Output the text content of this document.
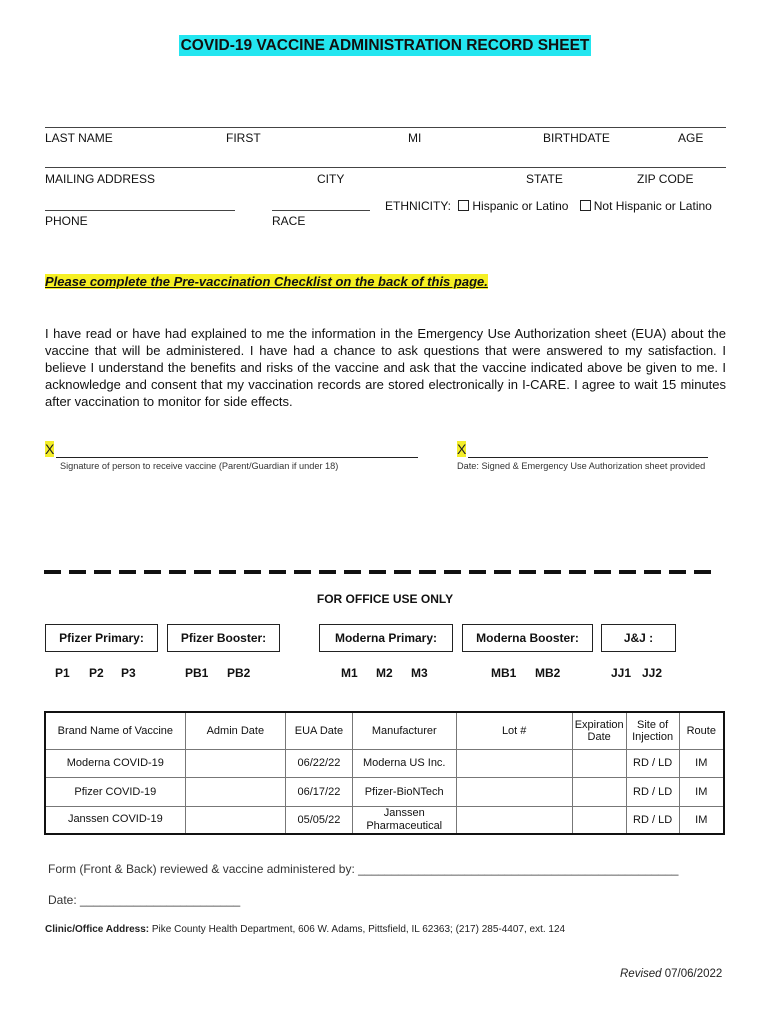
COVID-19 VACCINE ADMINISTRATION RECORD SHEET
LAST NAME	FIRST	MI	BIRTHDATE	AGE
MAILING ADDRESS	CITY	STATE	ZIP CODE
PHONE	RACE
ETHNICITY: Hispanic or Latino Not Hispanic or Latino
Please complete the Pre-vaccination Checklist on the back of this page.
I have read or have had explained to me the information in the Emergency Use Authorization sheet (EUA) about the vaccine that will be administered. I have had a chance to ask questions that were answered to my satisfaction. I believe I understand the benefits and risks of the vaccine and ask that the vaccine indicated above be given to me. I acknowledge and consent that my vaccination records are stored electronically in I-CARE. I agree to wait 15 minutes after vaccination to monitor for side effects.
X
Signature of person to receive vaccine (Parent/Guardian if under 18)
X
Date: Signed & Emergency Use Authorization sheet provided
FOR OFFICE USE ONLY
Pfizer Primary:	Pfizer Booster:	Moderna Primary:	Moderna Booster:	J&J :
P1 P2 P3	PB1 PB2	M1 M2 M3	MB1 MB2	JJ1 JJ2
Brand Name of Vaccine	Admin Date	EUA Date	Manufacturer	Lot #	Expiration Date	Site of Injection	Route
Moderna COVID-19		06/22/22	Moderna US Inc.			RD / LD	IM
Pfizer COVID-19		06/17/22	Pfizer-BioNTech			RD / LD	IM
Janssen COVID-19		05/05/22	Janssen Pharmaceutical			RD / LD	IM
Form (Front & Back) reviewed & vaccine administered by: ________________________________________________
Date: ________________________
Clinic/Office Address: Pike County Health Department, 606 W. Adams, Pittsfield, IL 62363; (217) 285-4407, ext. 124
Revised 07/06/2022
